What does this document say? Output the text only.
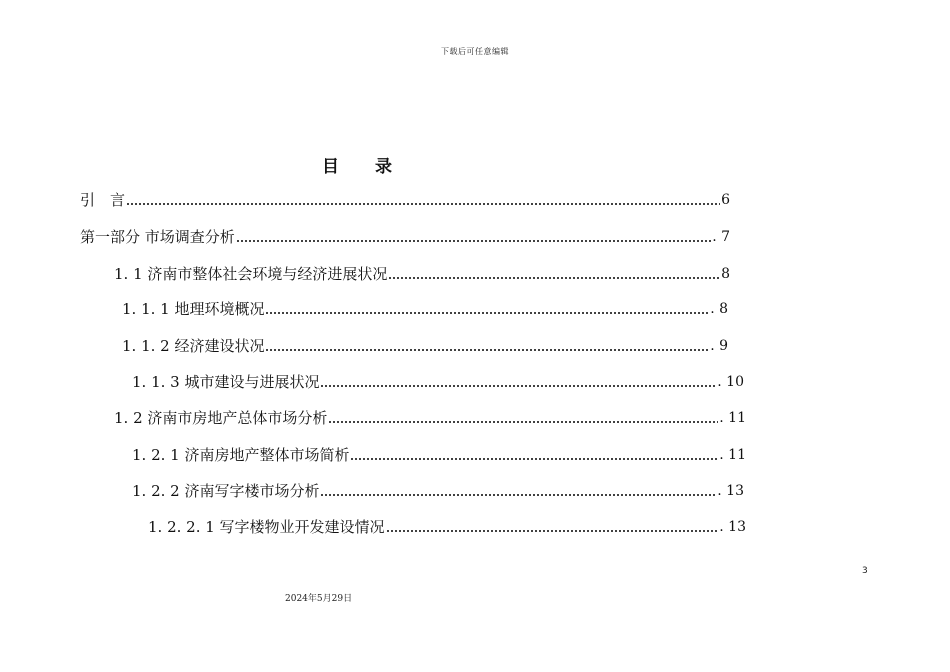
下载后可任意编辑
目录
引　言	6
第一部分 市场调查分析	. 7
1. 1 济南市整体社会环境与经济进展状况	8
1. 1. 1 地理环境概况	. 8
1. 1. 2 经济建设状况	. 9
1. 1. 3 城市建设与进展状况	. 10
1. 2 济南市房地产总体市场分析	. 11
1. 2. 1 济南房地产整体市场简析	. 11
1. 2. 2 济南写字楼市场分析	. 13
1. 2. 2. 1 写字楼物业开发建设情况	. 13
3
2024年5月29日
